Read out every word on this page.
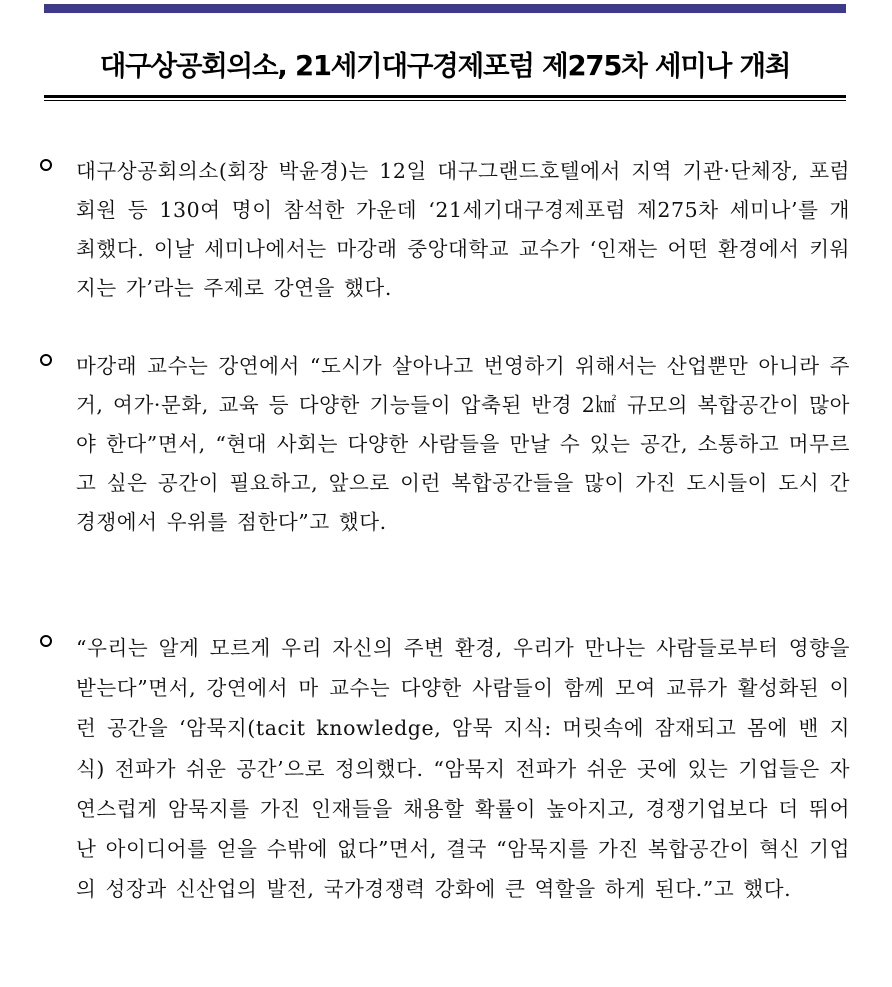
대구상공회의소, 21세기대구경제포럼 제275차 세미나 개최
대구상공회의소(회장 박윤경)는 12일 대구그랜드호텔에서 지역 기관·단체장, 포럼 회원 등 130여 명이 참석한 가운데 ‘21세기대구경제포럼 제275차 세미나’를 개최했다. 이날 세미나에서는 마강래 중앙대학교 교수가 ‘인재는 어떤 환경에서 키워지는 가’라는 주제로 강연을 했다.
마강래 교수는 강연에서 “도시가 살아나고 번영하기 위해서는 산업뿐만 아니라 주거, 여가·문화, 교육 등 다양한 기능들이 압축된 반경 2㎢ 규모의 복합공간이 많아야 한다”면서, “현대 사회는 다양한 사람들을 만날 수 있는 공간, 소통하고 머무르고 싶은 공간이 필요하고, 앞으로 이런 복합공간들을 많이 가진 도시들이 도시 간 경쟁에서 우위를 점한다”고 했다.
“우리는 알게 모르게 우리 자신의 주변 환경, 우리가 만나는 사람들로부터 영향을 받는다”면서, 강연에서 마 교수는 다양한 사람들이 함께 모여 교류가 활성화된 이런 공간을 ‘암묵지(tacit knowledge, 암묵 지식: 머릿속에 잠재되고 몸에 밴 지식) 전파가 쉬운 공간’으로 정의했다. “암묵지 전파가 쉬운 곳에 있는 기업들은 자연스럽게 암묵지를 가진 인재들을 채용할 확률이 높아지고, 경쟁기업보다 더 뛰어난 아이디어를 얻을 수밖에 없다”면서, 결국 “암묵지를 가진 복합공간이 혁신 기업의 성장과 신산업의 발전, 국가경쟁력 강화에 큰 역할을 하게 된다.”고 했다.
